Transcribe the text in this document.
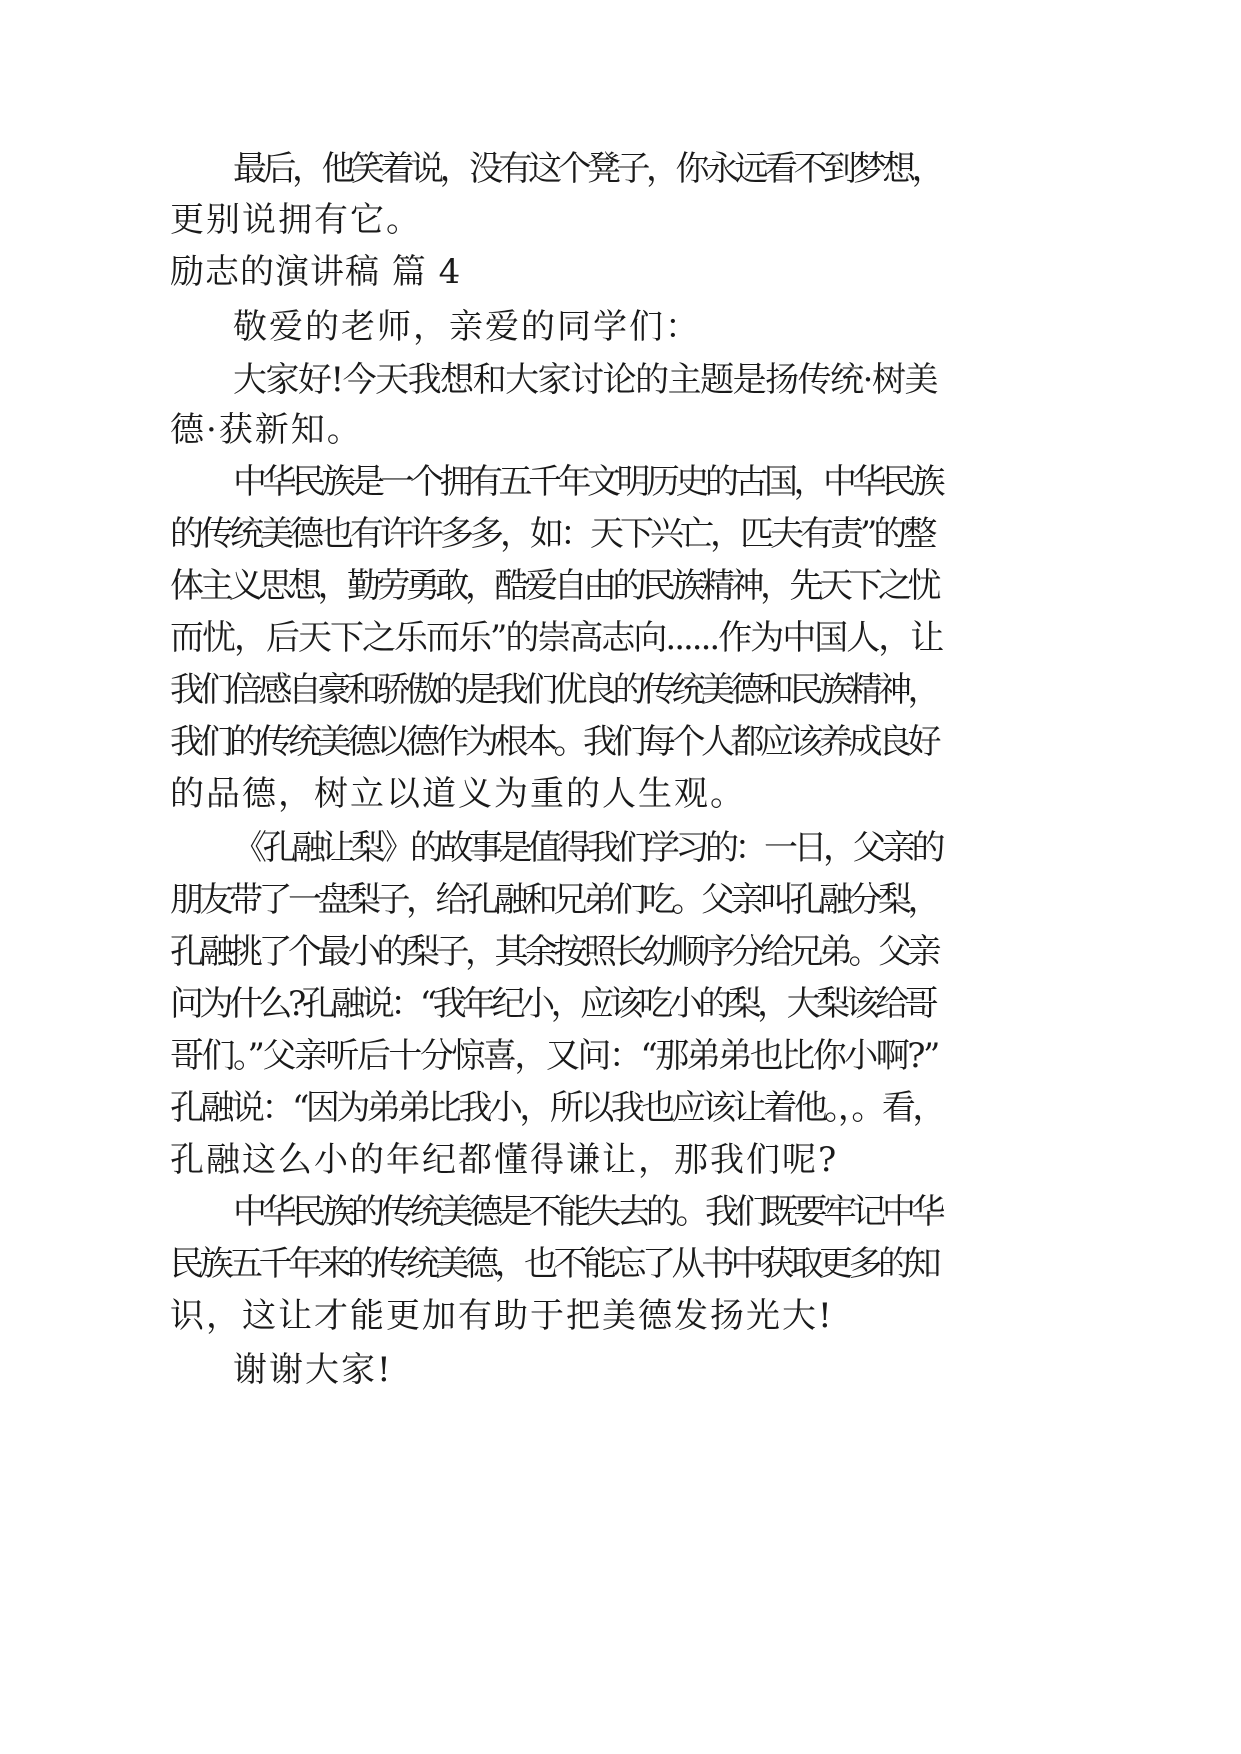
最后，他笑着说，没有这个凳子，你永远看不到梦想，
更别说拥有它。
励志的演讲稿 篇 4
敬爱的老师，亲爱的同学们：
大家好!今天我想和大家讨论的主题是扬传统·树美
德·获新知。
中华民族是一个拥有五千年文明历史的古国，中华民族
的传统美德也有许许多多，如：天下兴亡，匹夫有责”的整
体主义思想，勤劳勇敢，酷爱自由的民族精神，先天下之忧
而忧，后天下之乐而乐”的崇高志向......作为中国人，让
我们倍感自豪和骄傲的是我们优良的传统美德和民族精神，
我们的传统美德以德作为根本。我们每个人都应该养成良好
的品德，树立以道义为重的人生观。
《孔融让梨》的故事是值得我们学习的：一日，父亲的
朋友带了一盘梨子，给孔融和兄弟们吃。父亲叫孔融分梨，
孔融挑了个最小的梨子，其余按照长幼顺序分给兄弟。父亲
问为什么?孔融说：“我年纪小，应该吃小的梨，大梨该给哥
哥们。”父亲听后十分惊喜，又问：“那弟弟也比你小啊?”
孔融说：“因为弟弟比我小，所以我也应该让着他。，。看，
孔融这么小的年纪都懂得谦让，那我们呢?
中华民族的传统美德是不能失去的。我们既要牢记中华
民族五千年来的传统美德，也不能忘了从书中获取更多的知
识，这让才能更加有助于把美德发扬光大!
谢谢大家!
